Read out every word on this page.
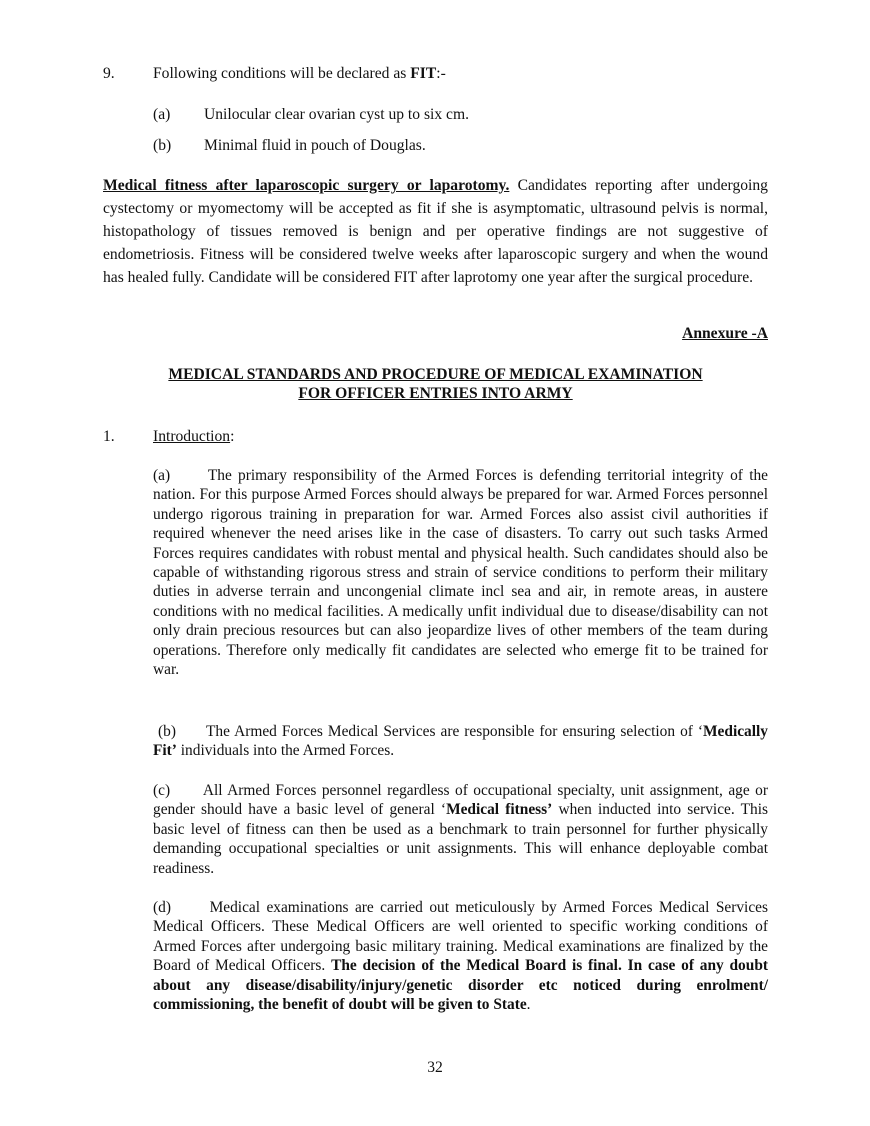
9. Following conditions will be declared as FIT:-
(a) Unilocular clear ovarian cyst up to six cm.
(b) Minimal fluid in pouch of Douglas.
Medical fitness after laparoscopic surgery or laparotomy. Candidates reporting after undergoing cystectomy or myomectomy will be accepted as fit if she is asymptomatic, ultrasound pelvis is normal, histopathology of tissues removed is benign and per operative findings are not suggestive of endometriosis. Fitness will be considered twelve weeks after laparoscopic surgery and when the wound has healed fully. Candidate will be considered FIT after laprotomy one year after the surgical procedure.
Annexure -A
MEDICAL STANDARDS AND PROCEDURE OF MEDICAL EXAMINATION
FOR OFFICER ENTRIES INTO ARMY
1. Introduction:
(a) The primary responsibility of the Armed Forces is defending territorial integrity of the nation. For this purpose Armed Forces should always be prepared for war. Armed Forces personnel undergo rigorous training in preparation for war. Armed Forces also assist civil authorities if required whenever the need arises like in the case of disasters. To carry out such tasks Armed Forces requires candidates with robust mental and physical health. Such candidates should also be capable of withstanding rigorous stress and strain of service conditions to perform their military duties in adverse terrain and uncongenial climate incl sea and air, in remote areas, in austere conditions with no medical facilities. A medically unfit individual due to disease/disability can not only drain precious resources but can also jeopardize lives of other members of the team during operations. Therefore only medically fit candidates are selected who emerge fit to be trained for war.
(b) The Armed Forces Medical Services are responsible for ensuring selection of ‘Medically Fit’ individuals into the Armed Forces.
(c) All Armed Forces personnel regardless of occupational specialty, unit assignment, age or gender should have a basic level of general ‘Medical fitness’ when inducted into service. This basic level of fitness can then be used as a benchmark to train personnel for further physically demanding occupational specialties or unit assignments. This will enhance deployable combat readiness.
(d)	Medical examinations are carried out meticulously by Armed Forces Medical Services Medical Officers. These Medical Officers are well oriented to specific working conditions of Armed Forces after undergoing basic military training. Medical examinations are finalized by the Board of Medical Officers. The decision of the Medical Board is final. In case of any doubt about any disease/disability/injury/genetic disorder etc noticed during enrolment/ commissioning, the benefit of doubt will be given to State.
32
